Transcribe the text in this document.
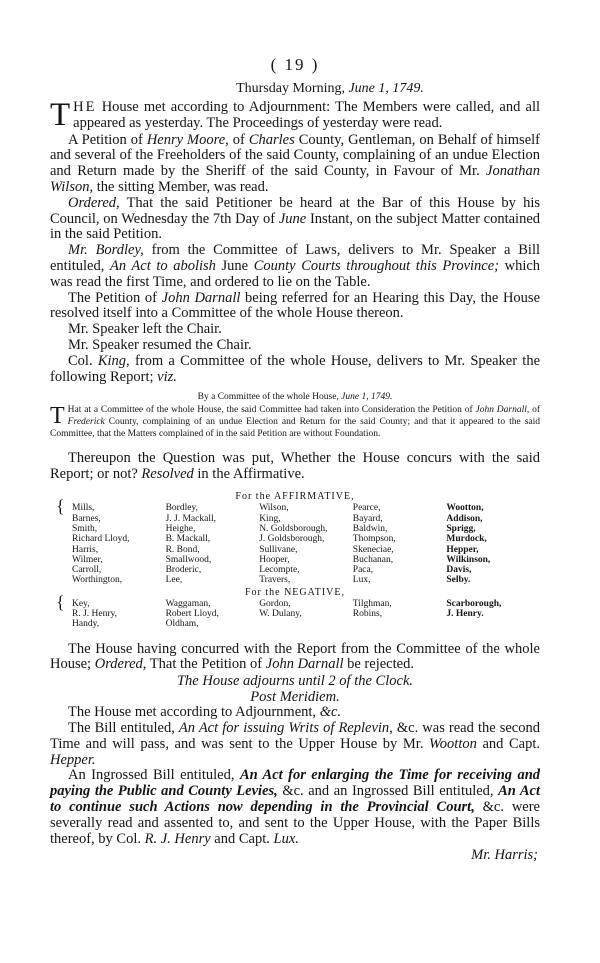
( 19 )
Thursday Morning, June 1, 1749.

THE House met according to Adjournment: The Members were called, and all appeared as yesterday. The Proceedings of yesterday were read.

A Petition of Henry Moore, of Charles County, Gentleman, on Behalf of himself and several of the Freeholders of the said County, complaining of an undue Election and Return made by the Sheriff of the said County, in Favour of Mr. Jonathan Wilson, the sitting Member, was read.

Ordered, That the said Petitioner be heard at the Bar of this House by his Council, on Wednesday the 7th Day of June Instant, on the subject Matter contained in the said Petition.

Mr. Bordley, from the Committee of Laws, delivers to Mr. Speaker a Bill entituled, An Act to abolish June County Courts throughout this Province; which was read the first Time, and ordered to lie on the Table.

The Petition of John Darnall being referred for an Hearing this Day, the House resolved itself into a Committee of the whole House thereon.

Mr. Speaker left the Chair.

Mr. Speaker resumed the Chair.

Col. King, from a Committee of the whole House, delivers to Mr. Speaker the following Report; viz.

By a Committee of the whole House, June 1, 1749.
T Hat at a Committee of the whole House, the said Committee had taken into Consideration the Petition of John Darnall, of Frederick County, complaining of an undue Election and Return for the said County; and that it appeared to the said Committee, that the Matters complained of in the said Petition are without Foundation.

Thereupon the Question was put, Whether the House concurs with the said Report; or not? Resolved in the Affirmative.

For the AFFIRMATIVE,
Mills,
Barnes,
Smith,
Richard Lloyd,
Harris,
Wilmer,
Carroll,
Worthington,
Bordley,
J. J. Mackall,
Heighe,
B. Mackall,
R. Bond,
Smallwood,
Broderic,
Lee,
Wilson,
King,
N. Goldsborough,
J. Goldsborough,
Sullivane,
Hooper,
Lecompte,
Travers,
Pearce,
Bayard,
Baldwin,
Thompson,
Skeneciae,
Buchanan,
Paca,
Lux,
Wootton,
Addison,
Sprigg,
Murdock,
Hepper,
Wilkinson,
Davis,
Selby.
{
For the NEGATIVE,
Key,
R. J. Henry,
Handy,
Waggaman,
Robert Lloyd,
Oldham,
Gordon,
W. Dulany,
Tilghman,
Robins,
Scarborough,
J. Henry.
{

The House having concurred with the Report from the Committee of the whole House; Ordered, That the Petition of John Darnall be rejected.

The House adjourns until 2 of the Clock.
Post Meridiem.

The House met according to Adjournment, &c.

The Bill entituled, An Act for issuing Writs of Replevin, &c. was read the second Time and will pass, and was sent to the Upper House by Mr. Wootton and Capt. Hepper.

An Ingrossed Bill entituled, An Act for enlarging the Time for receiving and paying the Public and County Levies, &c. and an Ingrossed Bill entituled, An Act to continue such Actions now depending in the Provincial Court, &c. were severally read and assented to, and sent to the Upper House, with the Paper Bills thereof, by Col. R. J. Henry and Capt. Lux.

Mr. Harris;
